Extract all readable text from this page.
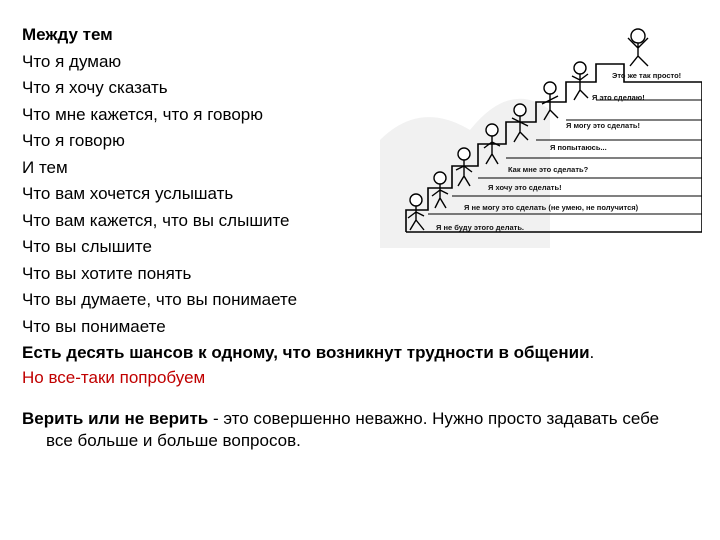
Между тем
Что я думаю
Что я хочу сказать
Что мне кажется, что я говорю
Что я говорю
И тем
Что вам хочется услышать
Что вам кажется, что вы слышите
Что вы слышите
Что вы хотите понять
Что вы думаете, что вы понимаете
Что вы понимаете
Есть десять шансов к одному, что возникнут трудности в общении.
Но все-таки попробуем
Верить или не верить - это совершенно неважно. Нужно просто задавать себе все больше и больше вопросов.
Это же так просто!
Я это сделаю!
Я могу это сделать!
Я попытаюсь...
Как мне это сделать?
Я хочу это сделать!
Я не могу это сделать (не умею, не получится)
Я не буду этого делать.
